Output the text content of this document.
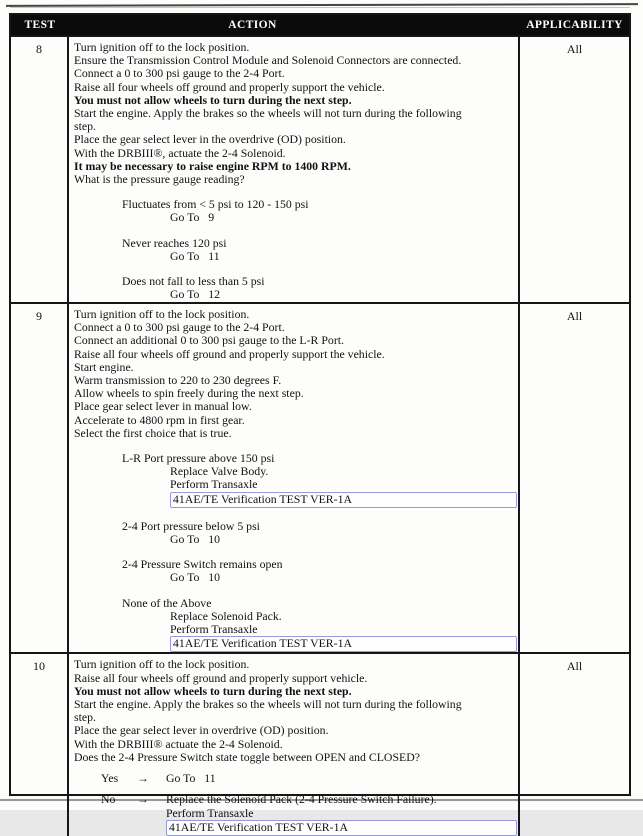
TEST	ACTION	APPLICABILITY
8	Turn ignition off to the lock position.
Ensure the Transmission Control Module and Solenoid Connectors are connected.
Connect a 0 to 300 psi gauge to the 2-4 Port.
Raise all four wheels off ground and properly support the vehicle.
You must not allow wheels to turn during the next step.
Start the engine. Apply the brakes so the wheels will not turn during the following
step.
Place the gear select lever in the overdrive (OD) position.
With the DRBIII®, actuate the 2-4 Solenoid.
It may be necessary to raise engine RPM to 1400 RPM.
What is the pressure gauge reading?
Fluctuates from < 5 psi to 120 - 150 psi
Go To   9
Never reaches 120 psi
Go To   11
Does not fall to less than 5 psi
Go To   12
All
9	Turn ignition off to the lock position.
Connect a 0 to 300 psi gauge to the 2-4 Port.
Connect an additional 0 to 300 psi gauge to the L-R Port.
Raise all four wheels off ground and properly support the vehicle.
Start engine.
Warm transmission to 220 to 230 degrees F.
Allow wheels to spin freely during the next step.
Place gear select lever in manual low.
Accelerate to 4800 rpm in first gear.
Select the first choice that is true.
L-R Port pressure above 150 psi
Replace Valve Body.
Perform Transaxle
41AE/TE Verification TEST VER-1A
2-4 Port pressure below 5 psi
Go To   10
2-4 Pressure Switch remains open
Go To   10
None of the Above
Replace Solenoid Pack.
Perform Transaxle
41AE/TE Verification TEST VER-1A
All
10	Turn ignition off to the lock position.
Raise all four wheels off ground and properly support vehicle.
You must not allow wheels to turn during the next step.
Start the engine. Apply the brakes so the wheels will not turn during the following
step.
Place the gear select lever in overdrive (OD) position.
With the DRBIII® actuate the 2-4 Solenoid.
Does the 2-4 Pressure Switch state toggle between OPEN and CLOSED?
Yes	→	Go To   11
No	→	Replace the Solenoid Pack (2-4 Pressure Switch Failure).
Perform Transaxle
41AE/TE Verification TEST VER-1A
All
